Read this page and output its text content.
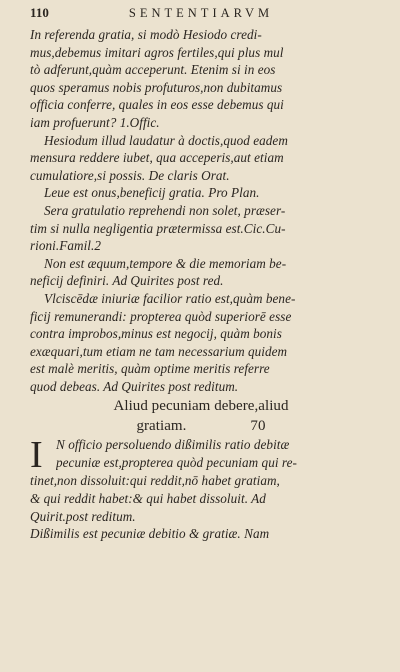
110	SENTENTIARVM
In referenda gratia, si modò Hesiodo credi-
mus,debemus imitari agros fertiles,qui plus mul
tò adferunt,quàm acceperunt. Etenim si in eos
quos speramus nobis profuturos,non dubitamus
officia conferre, quales in eos esse debemus qui
iam profuerunt? 1.Offic.
Hesiodum illud laudatur à doctis,quod eadem
mensura reddere iubet, qua acceperis,aut etiam
cumulatiore,si possis. De claris Orat.
Leue est onus,beneficij gratia. Pro Plan.
Sera gratulatio reprehendi non solet, præser-
tim si nulla negligentia prætermissa est.Cic.Cu-
rioni.Famil.2
Non est æquum,tempore & die memoriam be-
neficij definiri. Ad Quirites post red.
Vlciscēdæ iniuriæ facilior ratio est,quàm bene-
ficij remunerandi: propterea quòd superiorē esse
contra improbos,minus est negocij, quàm bonis
exæquari,tum etiam ne tam necessarium quidem
est malè meritis, quàm optime meritis referre
quod debeas. Ad Quirites post reditum.
Aliud pecuniam debere,aliud
gratiam.	70
I	N officio persoluendo dißimilis ratio debitæ
pecuniæ est,propterea quòd pecuniam qui re-
tinet,non dissoluit:qui reddit,nō habet gratiam,
& qui reddit habet:& qui habet dissoluit. Ad
Quirit.post reditum.
Dißimilis est pecuniæ debitio & gratiæ. Nam
